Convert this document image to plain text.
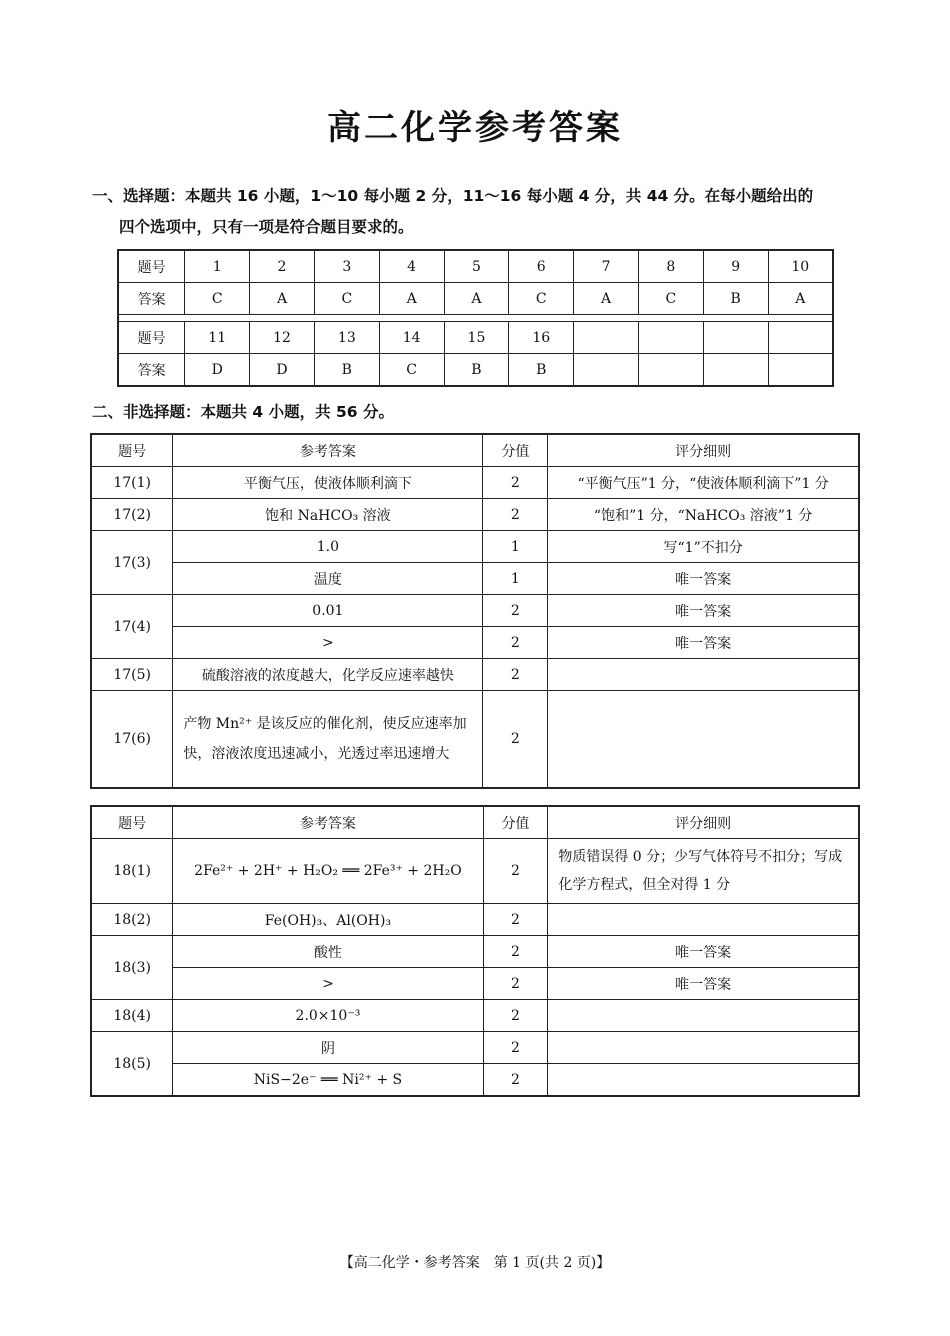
高二化学参考答案
一、选择题：本题共 16 小题，1～10 每小题 2 分，11～16 每小题 4 分，共 44 分。在每小题给出的
四个选项中，只有一项是符合题目要求的。
题号	1	2	3	4	5	6	7	8	9	10
答案	C	A	C	A	A	C	A	C	B	A

题号	11	12	13	14	15	16				
答案	D	D	B	C	B	B				
二、非选择题：本题共 4 小题，共 56 分。
题号	参考答案	分值	评分细则
17(1)	平衡气压，使液体顺利滴下	2	“平衡气压”1 分，“使液体顺利滴下”1 分
17(2)	饱和 NaHCO₃ 溶液	2	“饱和”1 分，“NaHCO₃ 溶液”1 分
17(3)	1.0	1	写“1”不扣分
	温度	1	唯一答案
17(4)	0.01	2	唯一答案
	>	2	唯一答案
17(5)	硫酸溶液的浓度越大，化学反应速率越快	2	
17(6)	产物 Mn²⁺ 是该反应的催化剂，使反应速率加快，溶液浓度迅速减小，光透过率迅速增大	2	
题号	参考答案	分值	评分细则
18(1)	2Fe²⁺ + 2H⁺ + H₂O₂ ══ 2Fe³⁺ + 2H₂O	2	物质错误得 0 分；少写气体符号不扣分；写成化学方程式，但全对得 1 分
18(2)	Fe(OH)₃、Al(OH)₃	2	
18(3)	酸性	2	唯一答案
	>	2	唯一答案
18(4)	2.0×10⁻³	2	
18(5)	阴	2	
	NiS−2e⁻ ══ Ni²⁺ + S	2	
【高二化学・参考答案　第 1 页(共 2 页)】
